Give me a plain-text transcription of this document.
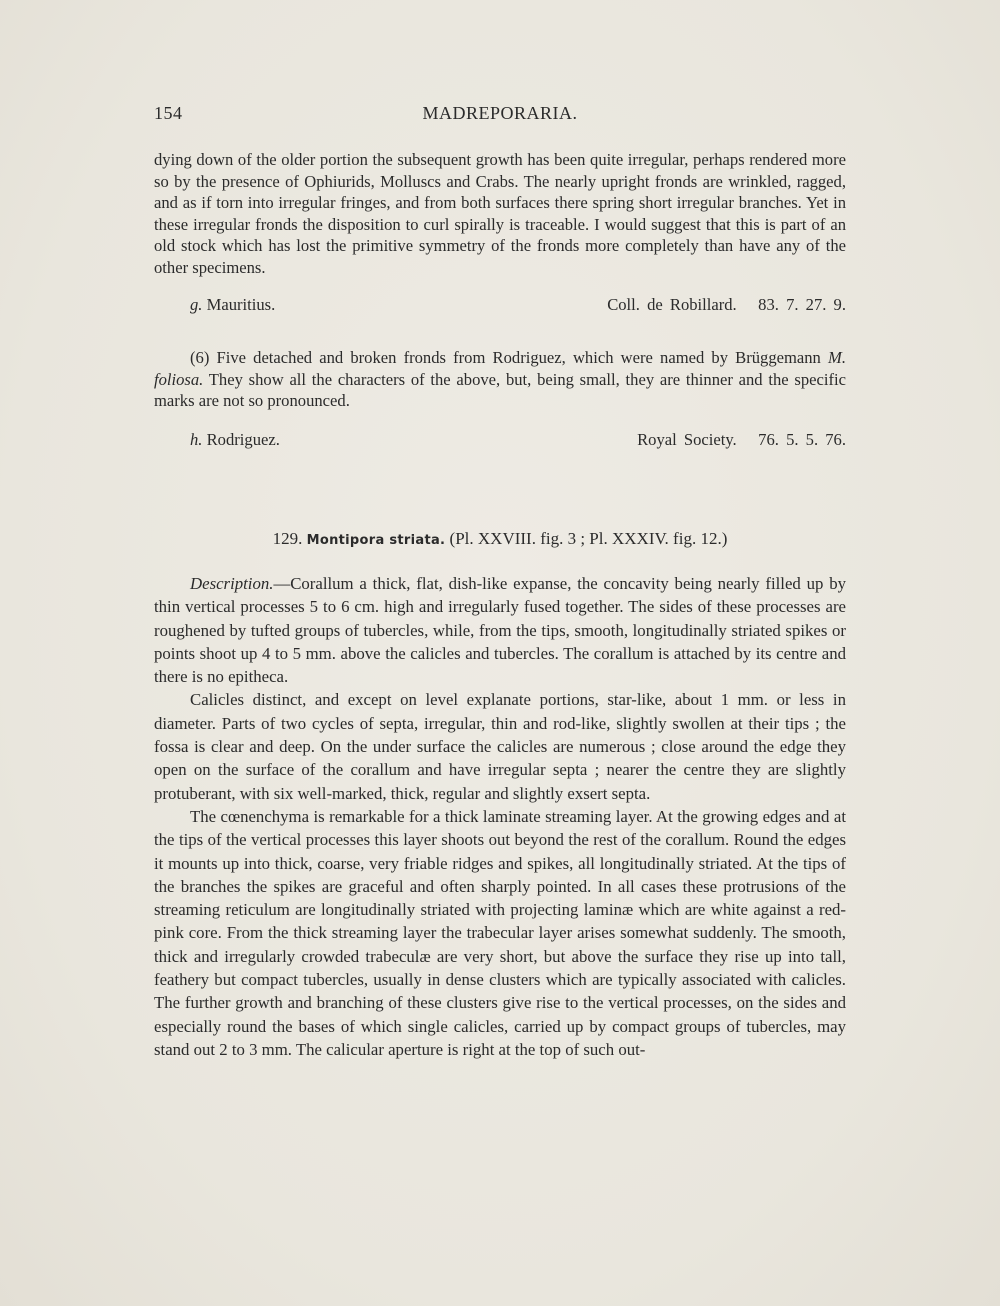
154	MADREPORARIA.

dying down of the older portion the subsequent growth has been quite irregular, perhaps rendered more so by the presence of Ophiurids, Molluscs and Crabs. The nearly upright fronds are wrinkled, ragged, and as if torn into irregular fringes, and from both surfaces there spring short irregular branches. Yet in these irregular fronds the disposition to curl spirally is traceable. I would suggest that this is part of an old stock which has lost the primitive symmetry of the fronds more completely than have any of the other specimens.

g. Mauritius.	Coll. de Robillard. 83. 7. 27. 9.

(6) Five detached and broken fronds from Rodriguez, which were named by Brüggemann M. foliosa. They show all the characters of the above, but, being small, they are thinner and the specific marks are not so pronounced.

h. Rodriguez.	Royal Society. 76. 5. 5. 76.
129. Montipora striata. (Pl. XXVIII. fig. 3 ; Pl. XXXIV. fig. 12.)

Description.—Corallum a thick, flat, dish-like expanse, the concavity being nearly filled up by thin vertical processes 5 to 6 cm. high and irregularly fused together. The sides of these processes are roughened by tufted groups of tubercles, while, from the tips, smooth, longitudinally striated spikes or points shoot up 4 to 5 mm. above the calicles and tubercles. The corallum is attached by its centre and there is no epitheca.

Calicles distinct, and except on level explanate portions, star-like, about 1 mm. or less in diameter. Parts of two cycles of septa, irregular, thin and rod-like, slightly swollen at their tips ; the fossa is clear and deep. On the under surface the calicles are numerous ; close around the edge they open on the surface of the corallum and have irregular septa ; nearer the centre they are slightly protuberant, with six well-marked, thick, regular and slightly exsert septa.

The cœnenchyma is remarkable for a thick laminate streaming layer. At the growing edges and at the tips of the vertical processes this layer shoots out beyond the rest of the corallum. Round the edges it mounts up into thick, coarse, very friable ridges and spikes, all longitudinally striated. At the tips of the branches the spikes are graceful and often sharply pointed. In all cases these protrusions of the streaming reticulum are longitudinally striated with projecting laminæ which are white against a red-pink core. From the thick streaming layer the trabecular layer arises somewhat suddenly. The smooth, thick and irregularly crowded trabeculæ are very short, but above the surface they rise up into tall, feathery but compact tubercles, usually in dense clusters which are typically associated with calicles. The further growth and branching of these clusters give rise to the vertical processes, on the sides and especially round the bases of which single calicles, carried up by compact groups of tubercles, may stand out 2 to 3 mm. The calicular aperture is right at the top of such out-
